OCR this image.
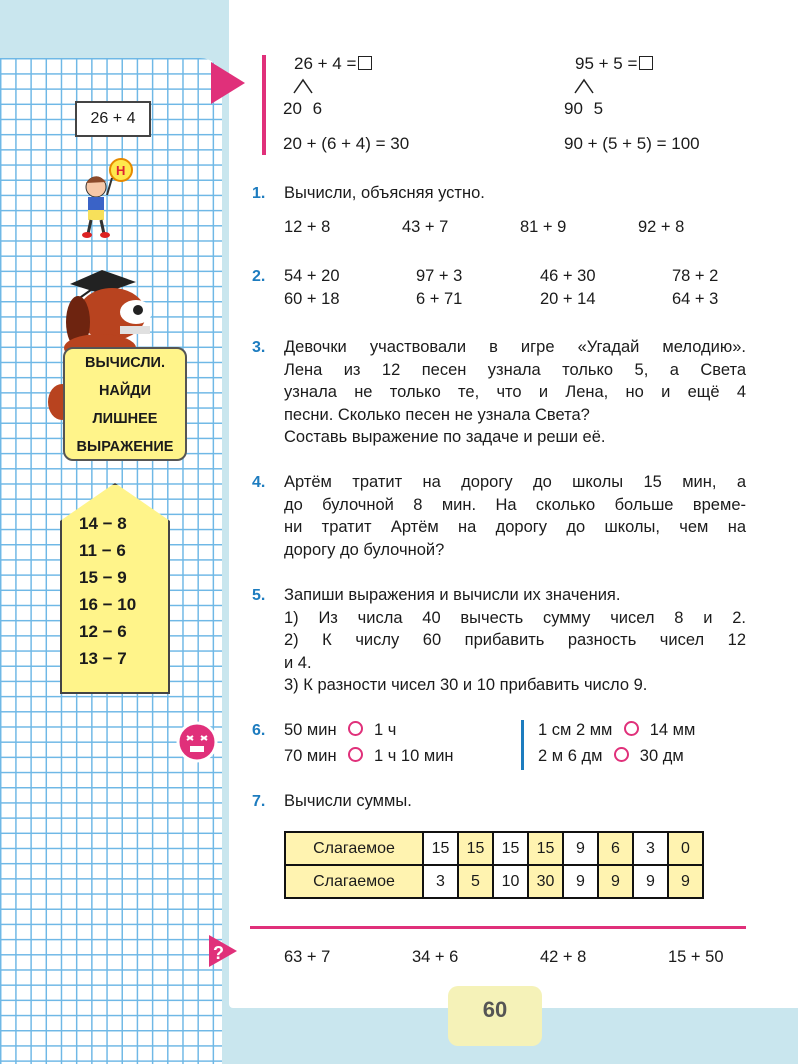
26 + 4
Н
ВЫЧИСЛИ.
НАЙДИ
ЛИШНЕЕ
ВЫРАЖЕНИЕ
14 − 8
11 − 6
15 − 9
16 − 10
12 − 6
13 − 7
26 + 4 =
20 6
20 + (6 + 4) = 30
95 + 5 =
90 5
90 + (5 + 5) = 100
1. Вычисли, объясняя устно.
12 + 8	43 + 7	81 + 9	92 + 8
2. 54 + 20	97 + 3	46 + 30	78 + 2
60 + 18	6 + 71	20 + 14	64 + 3
3. Девочки участвовали в игре «Угадай мелодию».
Лена из 12 песен узнала только 5, а Света
узнала не только те, что и Лена, но и ещё 4
песни. Сколько песен не узнала Света?
Составь выражение по задаче и реши её.
4. Артём тратит на дорогу до школы 15 мин, а
до булочной 8 мин. На сколько больше време-
ни тратит Артём на дорогу до школы, чем на
дорогу до булочной?
5. Запиши выражения и вычисли их значения.
1) Из числа 40 вычесть сумму чисел 8 и 2.
2) К числу 60 прибавить разность чисел 12
и 4.
3) К разности чисел 30 и 10 прибавить число 9.
6. 50 мин 1 ч
70 мин 1 ч 10 мин
1 см 2 мм 14 мм
2 м 6 дм 30 дм
7. Вычисли суммы.
Слагаемое	15	15	15	15	9	6	3	0
Слагаемое	3	5	10	30	9	9	9	9
?	63 + 7	34 + 6	42 + 8	15 + 50
60
